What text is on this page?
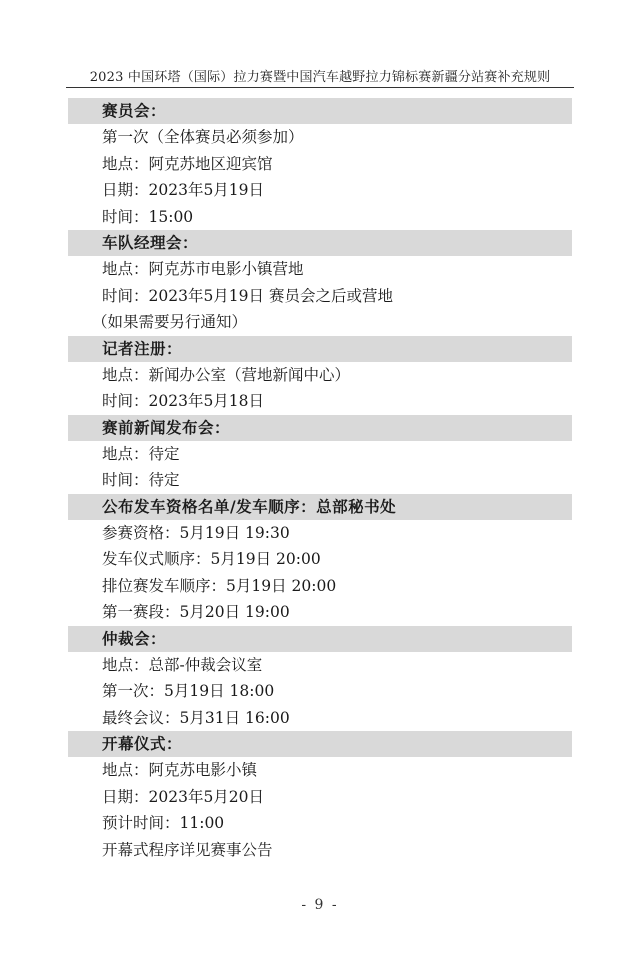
2023 中国环塔（国际）拉力赛暨中国汽车越野拉力锦标赛新疆分站赛补充规则
赛员会：
第一次（全体赛员必须参加）
地点：阿克苏地区迎宾馆
日期：2023年5月19日
时间：15:00
车队经理会：
地点：阿克苏市电影小镇营地
时间：2023年5月19日 赛员会之后或营地
（如果需要另行通知）
记者注册：
地点：新闻办公室（营地新闻中心）
时间：2023年5月18日
赛前新闻发布会：
地点：待定
时间：待定
公布发车资格名单/发车顺序：总部秘书处
参赛资格：5月19日 19:30
发车仪式顺序：5月19日 20:00
排位赛发车顺序：5月19日 20:00
第一赛段：5月20日 19:00
仲裁会：
地点：总部-仲裁会议室
第一次：5月19日 18:00
最终会议：5月31日 16:00
开幕仪式：
地点：阿克苏电影小镇
日期：2023年5月20日
预计时间：11:00
开幕式程序详见赛事公告
- 9 -
